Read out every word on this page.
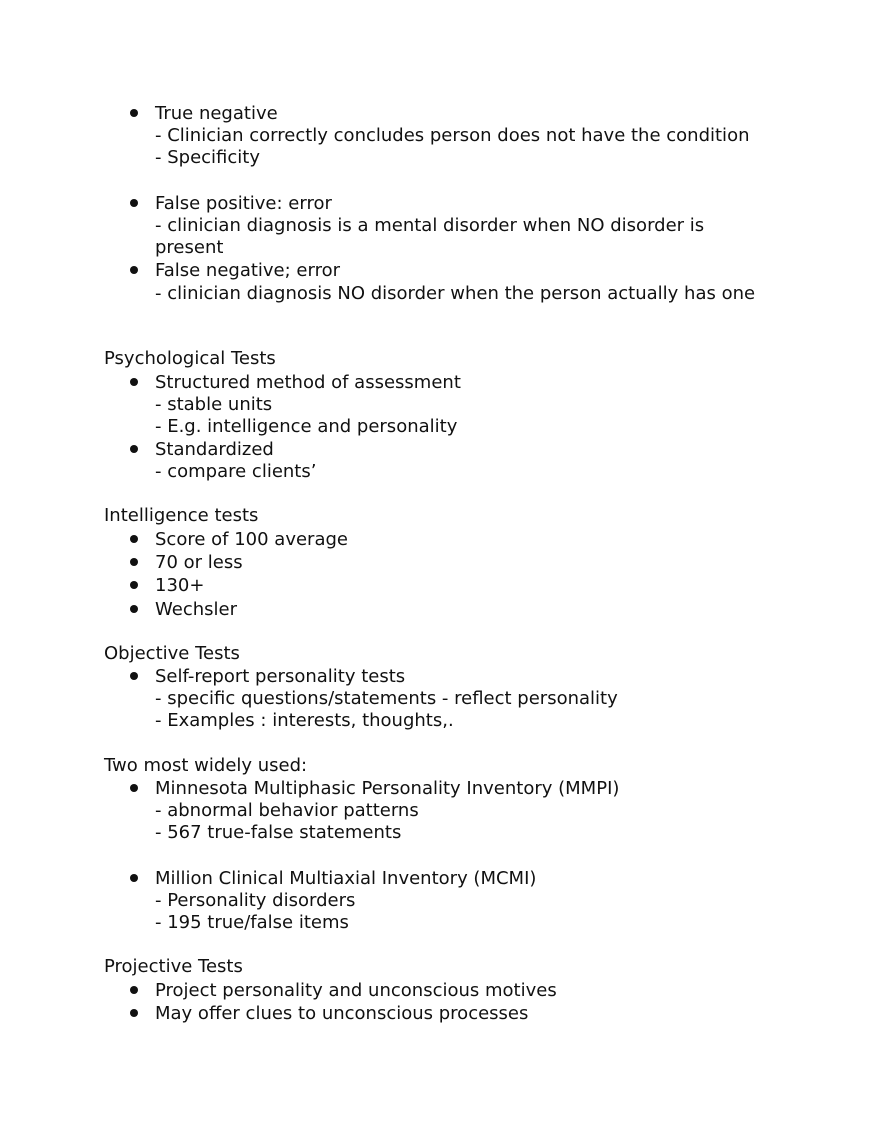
True negative
- Clinician correctly concludes person does not have the condition
- Specificity
False positive: error
- clinician diagnosis is a mental disorder when NO disorder is
present
False negative; error
- clinician diagnosis NO disorder when the person actually has one
Psychological Tests
Structured method of assessment
- stable units
- E.g. intelligence and personality
Standardized
- compare clients’
Intelligence tests
Score of 100 average
70 or less
130+
Wechsler
Objective Tests
Self-report personality tests
- specific questions/statements - reflect personality
- Examples : interests, thoughts,.
Two most widely used:
Minnesota Multiphasic Personality Inventory (MMPI)
- abnormal behavior patterns
- 567 true-false statements
Million Clinical Multiaxial Inventory (MCMI)
- Personality disorders
- 195 true/false items
Projective Tests
Project personality and unconscious motives
May offer clues to unconscious processes
